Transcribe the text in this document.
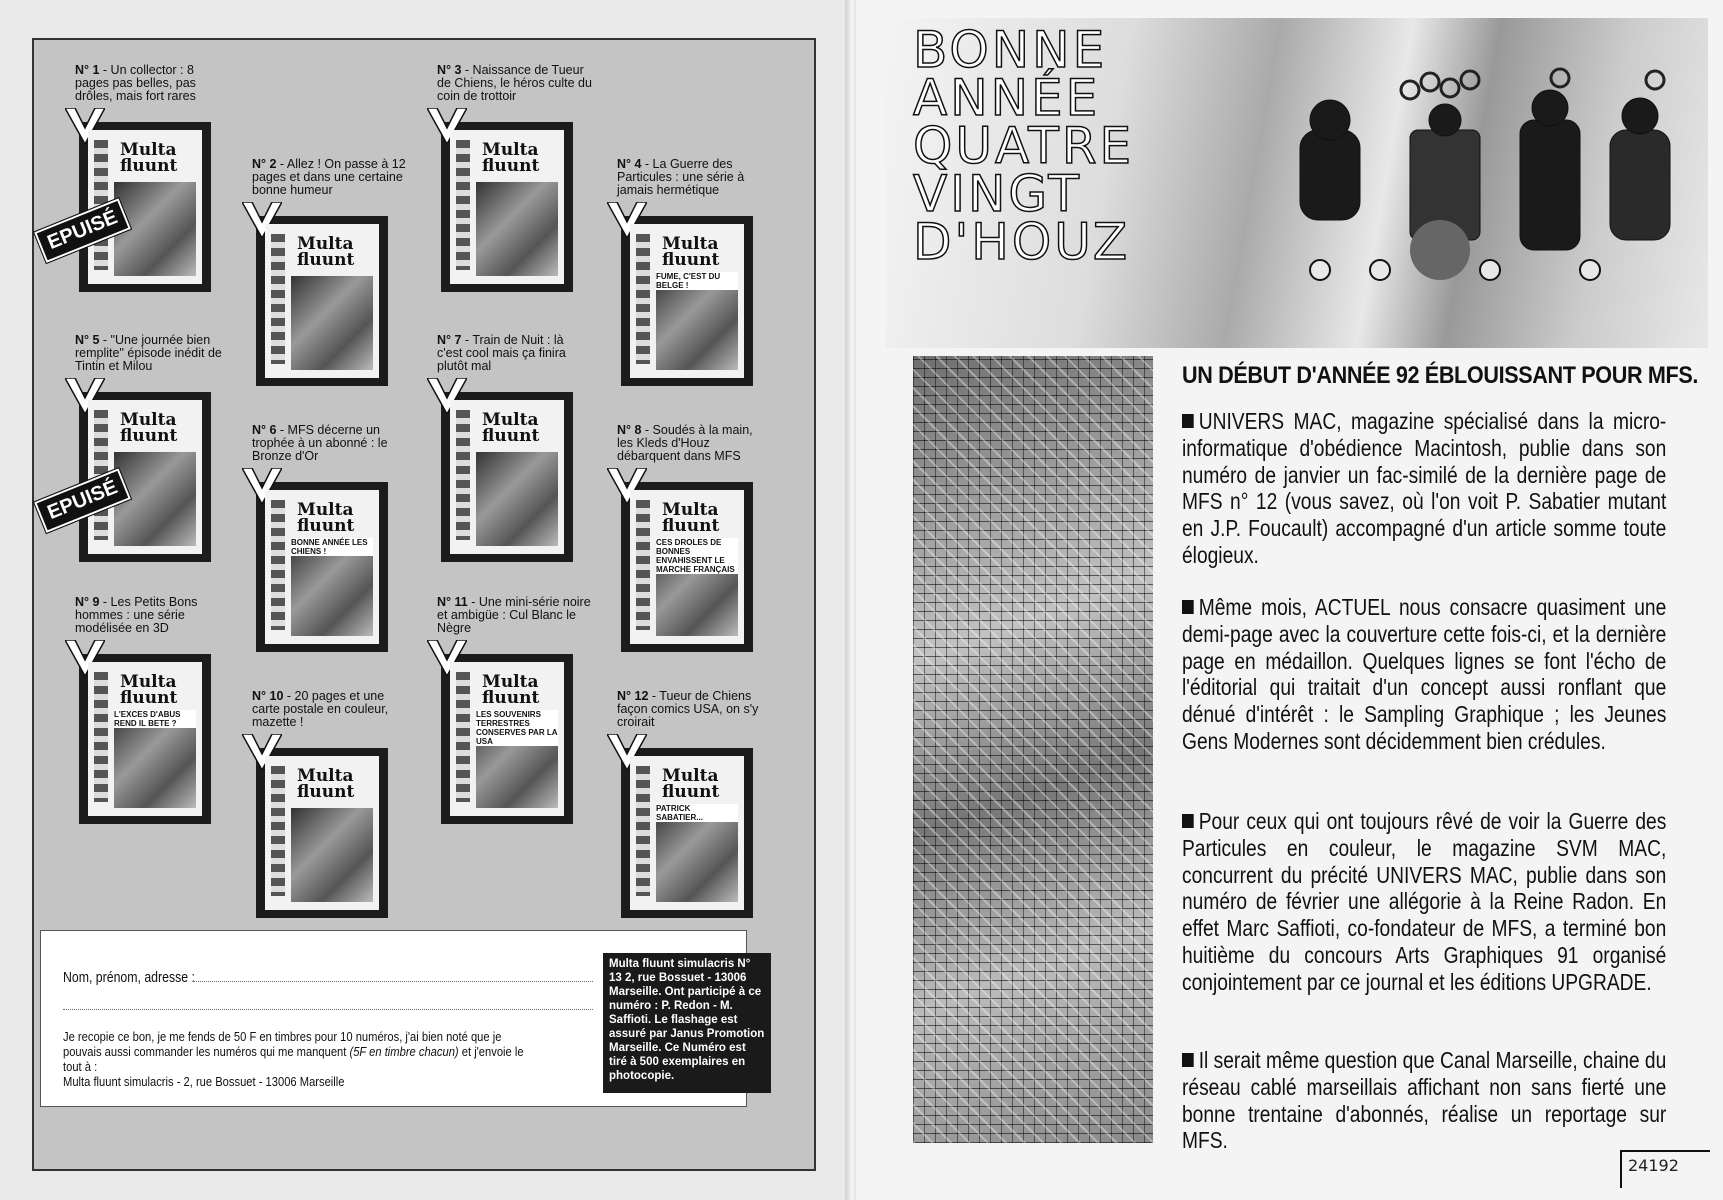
N° 1 - Un collector : 8 pages pas belles, pas drôles, mais fort rares
Multa
fluunt
EPUISÉ
N° 2 - Allez ! On passe à 12 pages et dans une certaine bonne humeur
Multa
fluunt
N° 3 - Naissance de Tueur de Chiens, le héros culte du coin de trottoir
Multa
fluunt	N° 4 - La Guerre des Particules : une série à jamais hermétique
Multa
fluunt
FUME, C'EST DU BELGE !
N° 5 - "Une journée bien remplite" épisode inédit de Tintin et Milou
Multa
fluunt
EPUISÉ
N° 6 - MFS décerne un trophée à un abonné : le Bronze d'Or
Multa
fluunt
BONNE ANNÉE LES CHIENS !
N° 7 - Train de Nuit : là c'est cool mais ça finira plutôt mal
Multa
fluunt	N° 8 - Soudés à la main, les Kleds d'Houz débarquent dans MFS
Multa
fluunt
CES DROLES DE BONNES ENVAHISSENT LE MARCHE FRANÇAIS
N° 9 - Les Petits Bons hommes : une série modélisée en 3D
Multa
fluunt
L'EXCES D'ABUS REND IL BETE ?
N° 10 - 20 pages et une carte postale en couleur, mazette !
Multa
fluunt
N° 11 - Une mini-série noire et ambigüe : Cul Blanc le Nègre
Multa
fluunt
LES SOUVENIRS TERRESTRES CONSERVES PAR LA USA
N° 12 - Tueur de Chiens façon comics USA, on s'y croirait
Multa
fluunt
PATRICK SABATIER...
Nom, prénom, adresse :
Je recopie ce bon, je me fends de 50 F en timbres pour 10 numéros, j'ai bien noté que je pouvais aussi commander les numéros qui me manquent (5F en timbre chacun) et j'envoie le tout à :
Multa fluunt simulacris - 2, rue Bossuet - 13006 Marseille
Multa fluunt simulacris N° 13 2, rue Bossuet - 13006 Marseille. Ont participé à ce numéro : P. Redon - M. Saffioti. Le flashage est assuré par Janus Promotion Marseille. Ce Numéro est tiré à 500 exemplaires en photocopie.
BONNE
ANNÉE
QUATRE
VINGT
D'HOUZ
UN DÉBUT D'ANNÉE 92 ÉBLOUISSANT POUR MFS.
UNIVERS MAC, magazine spécialisé dans la micro-informatique d'obédience Macintosh, publie dans son numéro de janvier un fac-similé de la dernière page de MFS n° 12 (vous savez, où l'on voit P. Sabatier mutant en J.P. Foucault) accompagné d'un article somme toute élogieux.
Même mois, ACTUEL nous consacre quasiment une demi-page avec la couverture cette fois-ci, et la dernière page en médaillon. Quelques lignes se font l'écho de l'éditorial qui traitait d'un concept aussi ronflant que dénué d'intérêt : le Sampling Graphique ; les Jeunes Gens Modernes sont décidemment bien crédules.
Pour ceux qui ont toujours rêvé de voir la Guerre des Particules en couleur, le magazine SVM MAC, concurrent du précité UNIVERS MAC, publie dans son numéro de février une allégorie à la Reine Radon. En effet Marc Saffioti, co-fondateur de MFS, a terminé bon huitième du concours Arts Graphiques 91 organisé conjointement par ce journal et les éditions UPGRADE.
Il serait même question que Canal Marseille, chaine du réseau cablé marseillais affichant non sans fierté une bonne trentaine d'abonnés, réalise un reportage sur MFS.
24192
